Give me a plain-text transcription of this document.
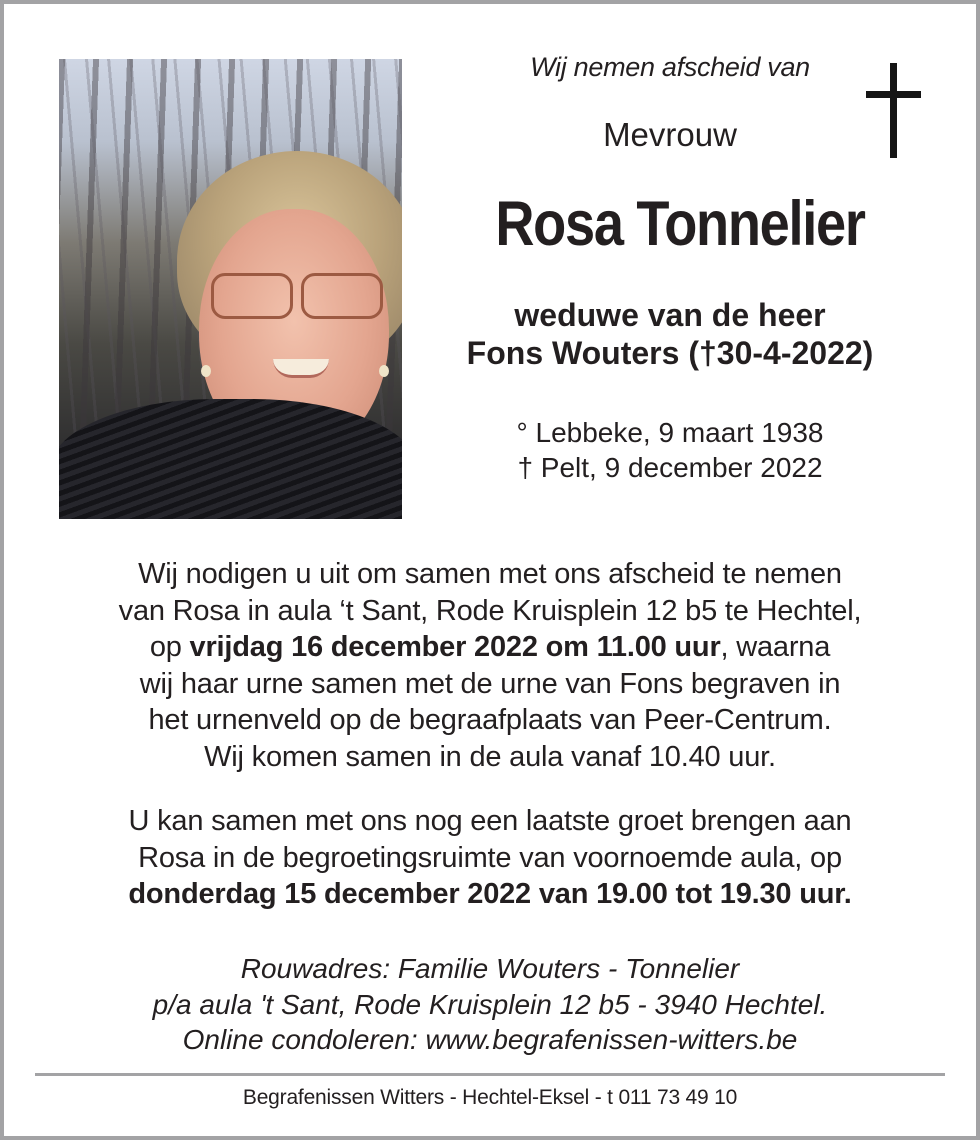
Wij nemen afscheid van
Mevrouw
Rosa Tonnelier
weduwe van de heer
Fons Wouters (†30-4-2022)
° Lebbeke, 9 maart 1938
† Pelt, 9 december 2022
Wij nodigen u uit om samen met ons afscheid te nemen
van Rosa in aula ‘t Sant, Rode Kruisplein 12 b5 te Hechtel,
op vrijdag 16 december 2022 om 11.00 uur, waarna
wij haar urne samen met de urne van Fons begraven in
het urnenveld op de begraafplaats van Peer-Centrum.
Wij komen samen in de aula vanaf 10.40 uur.
U kan samen met ons nog een laatste groet brengen aan
Rosa in de begroetingsruimte van voornoemde aula, op
donderdag 15 december 2022 van 19.00 tot 19.30 uur.
Rouwadres: Familie Wouters - Tonnelier
p/a aula 't Sant, Rode Kruisplein 12 b5 - 3940 Hechtel.
Online condoleren: www.begrafenissen-witters.be
Begrafenissen Witters - Hechtel-Eksel - t 011 73 49 10
